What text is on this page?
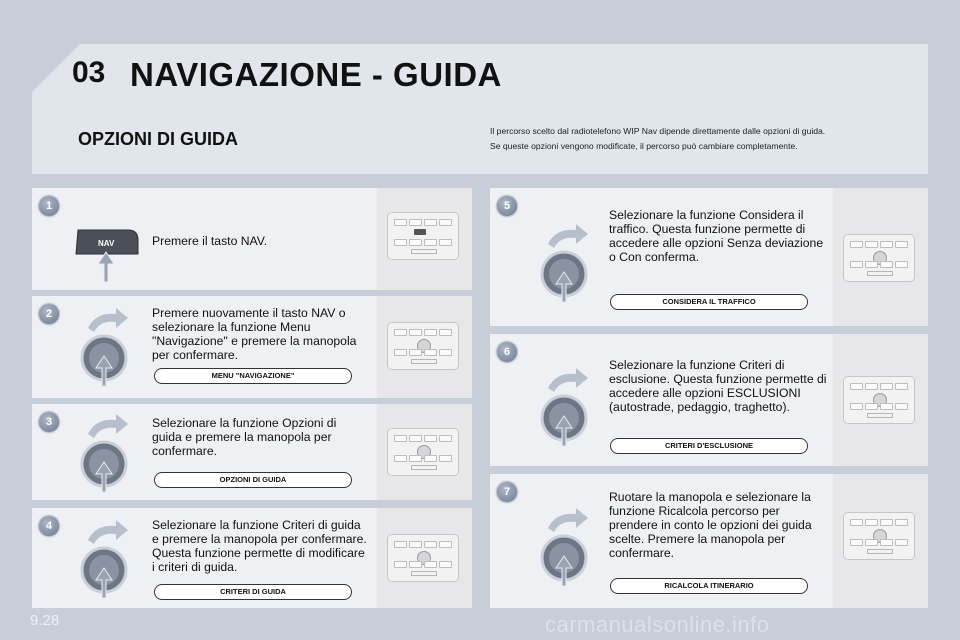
03 NAVIGAZIONE - GUIDA
OPZIONI DI GUIDA	Il percorso scelto dal radiotelefono WIP Nav dipende direttamente dalle opzioni di guida.

Se queste opzioni vengono modificate, il percorso può cambiare completamente.

1
NAV	Premere il tasto NAV.
2	Premere nuovamente il tasto NAV o selezionare la funzione Menu "Navigazione" e premere la manopola per confermare.
MENU "NAVIGAZIONE"
3	Selezionare la funzione Opzioni di guida e premere la manopola per confermare.
OPZIONI DI GUIDA
4	Selezionare la funzione Criteri di guida e premere la manopola per confermare. Questa funzione permette di modificare i criteri di guida.
CRITERI DI GUIDA
5
Selezionare la funzione Considera il traffico. Questa funzione permette di accedere alle opzioni Senza deviazione o Con conferma.
CONSIDERA IL TRAFFICO
6
Selezionare la funzione Criteri di esclusione. Questa funzione permette di accedere alle opzioni ESCLUSIONI (autostrade, pedaggio, traghetto).
CRITERI D'ESCLUSIONE
7	Ruotare la manopola e selezionare la funzione Ricalcola percorso per prendere in conto le opzioni dei guida scelte. Premere la manopola per confermare.
RICALCOLA ITINERARIO
9.28	carmanualsonline.info
